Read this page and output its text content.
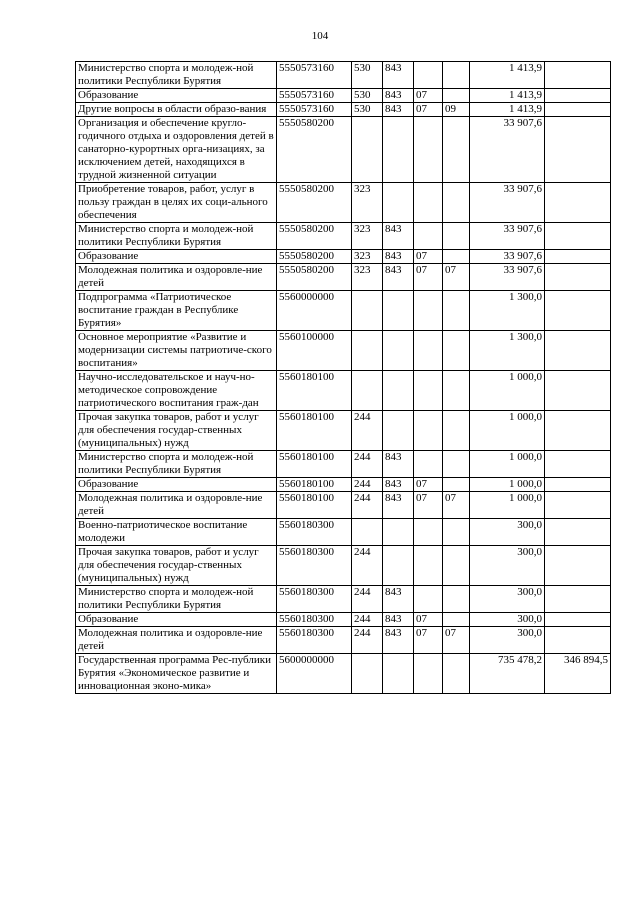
104
Министерство спорта и молодеж-ной политики Республики Бурятия	5550573160	530	843			1 413,9	
Образование	5550573160	530	843	07		1 413,9	
Другие вопросы в области образо-вания	5550573160	530	843	07	09	1 413,9	
Организация и обеспечение кругло-годичного отдыха и оздоровления детей в санаторно-курортных орга-низациях, за исключением детей, находящихся в трудной жизненной ситуации	5550580200					33 907,6	
Приобретение товаров, работ, услуг в пользу граждан в целях их соци-ального обеспечения	5550580200	323				33 907,6	
Министерство спорта и молодеж-ной политики Республики Бурятия	5550580200	323	843			33 907,6	
Образование	5550580200	323	843	07		33 907,6	
Молодежная политика и оздоровле-ние детей	5550580200	323	843	07	07	33 907,6	
Подпрограмма «Патриотическое воспитание граждан в Республике Бурятия»	5560000000					1 300,0	
Основное мероприятие «Развитие и модернизации системы патриотиче-ского воспитания»	5560100000					1 300,0	
Научно-исследовательское и науч-но-методическое сопровождение патриотического воспитания граж-дан	5560180100					1 000,0	
Прочая закупка товаров, работ и услуг для обеспечения государ-ственных (муниципальных) нужд	5560180100	244				1 000,0	
Министерство спорта и молодеж-ной политики Республики Бурятия	5560180100	244	843			1 000,0	
Образование	5560180100	244	843	07		1 000,0	
Молодежная политика и оздоровле-ние детей	5560180100	244	843	07	07	1 000,0	
Военно-патриотическое воспитание молодежи	5560180300					300,0	
Прочая закупка товаров, работ и услуг для обеспечения государ-ственных (муниципальных) нужд	5560180300	244				300,0	
Министерство спорта и молодеж-ной политики Республики Бурятия	5560180300	244	843			300,0	
Образование	5560180300	244	843	07		300,0	
Молодежная политика и оздоровле-ние детей	5560180300	244	843	07	07	300,0	
Государственная программа Рес-публики Бурятия «Экономическое развитие и инновационная эконо-мика»	5600000000					735 478,2	346 894,5
